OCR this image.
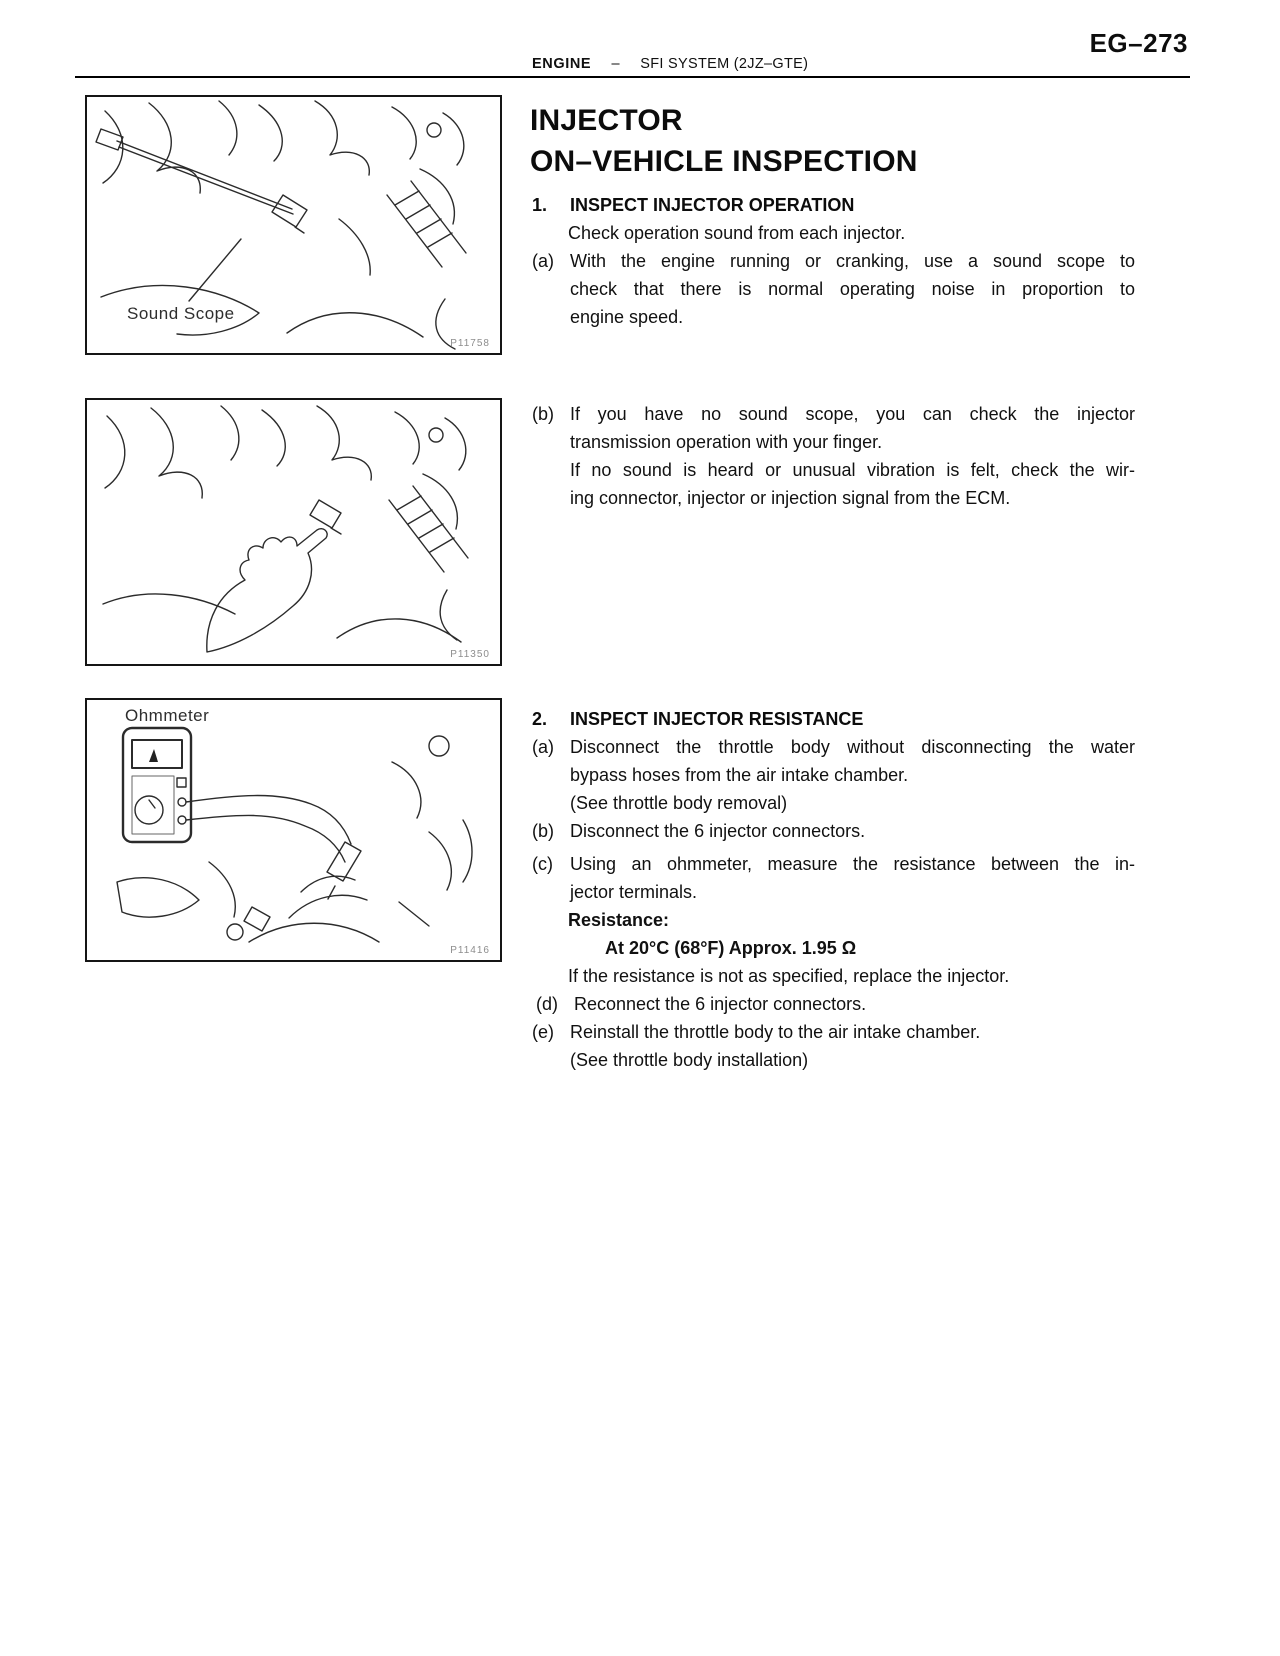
EG–273
ENGINE – SFI SYSTEM (2JZ–GTE)
Sound Scope
P11758
P11350
Ohmmeter
P11416
INJECTOR
ON–VEHICLE INSPECTION
1.	INSPECT INJECTOR OPERATION
Check operation sound from each injector.
(a) With the engine running or cranking, use a sound scope to
check that there is normal operating noise in proportion to
engine speed.
(b) If you have no sound scope, you can check the injector
transmission operation with your finger.
If no sound is heard or unusual vibration is felt, check the wir-
ing connector, injector or injection signal from the ECM.
2.	INSPECT INJECTOR RESISTANCE
(a) Disconnect the throttle body without disconnecting the water
bypass hoses from the air intake chamber.
(See throttle body removal)
(b) Disconnect the 6 injector connectors.
(c) Using an ohmmeter, measure the resistance between the in-
jector terminals.
Resistance:
At 20°C (68°F) Approx. 1.95 Ω
If the resistance is not as specified, replace the injector.
(d) Reconnect the 6 injector connectors.
(e) Reinstall the throttle body to the air intake chamber.
(See throttle body installation)
